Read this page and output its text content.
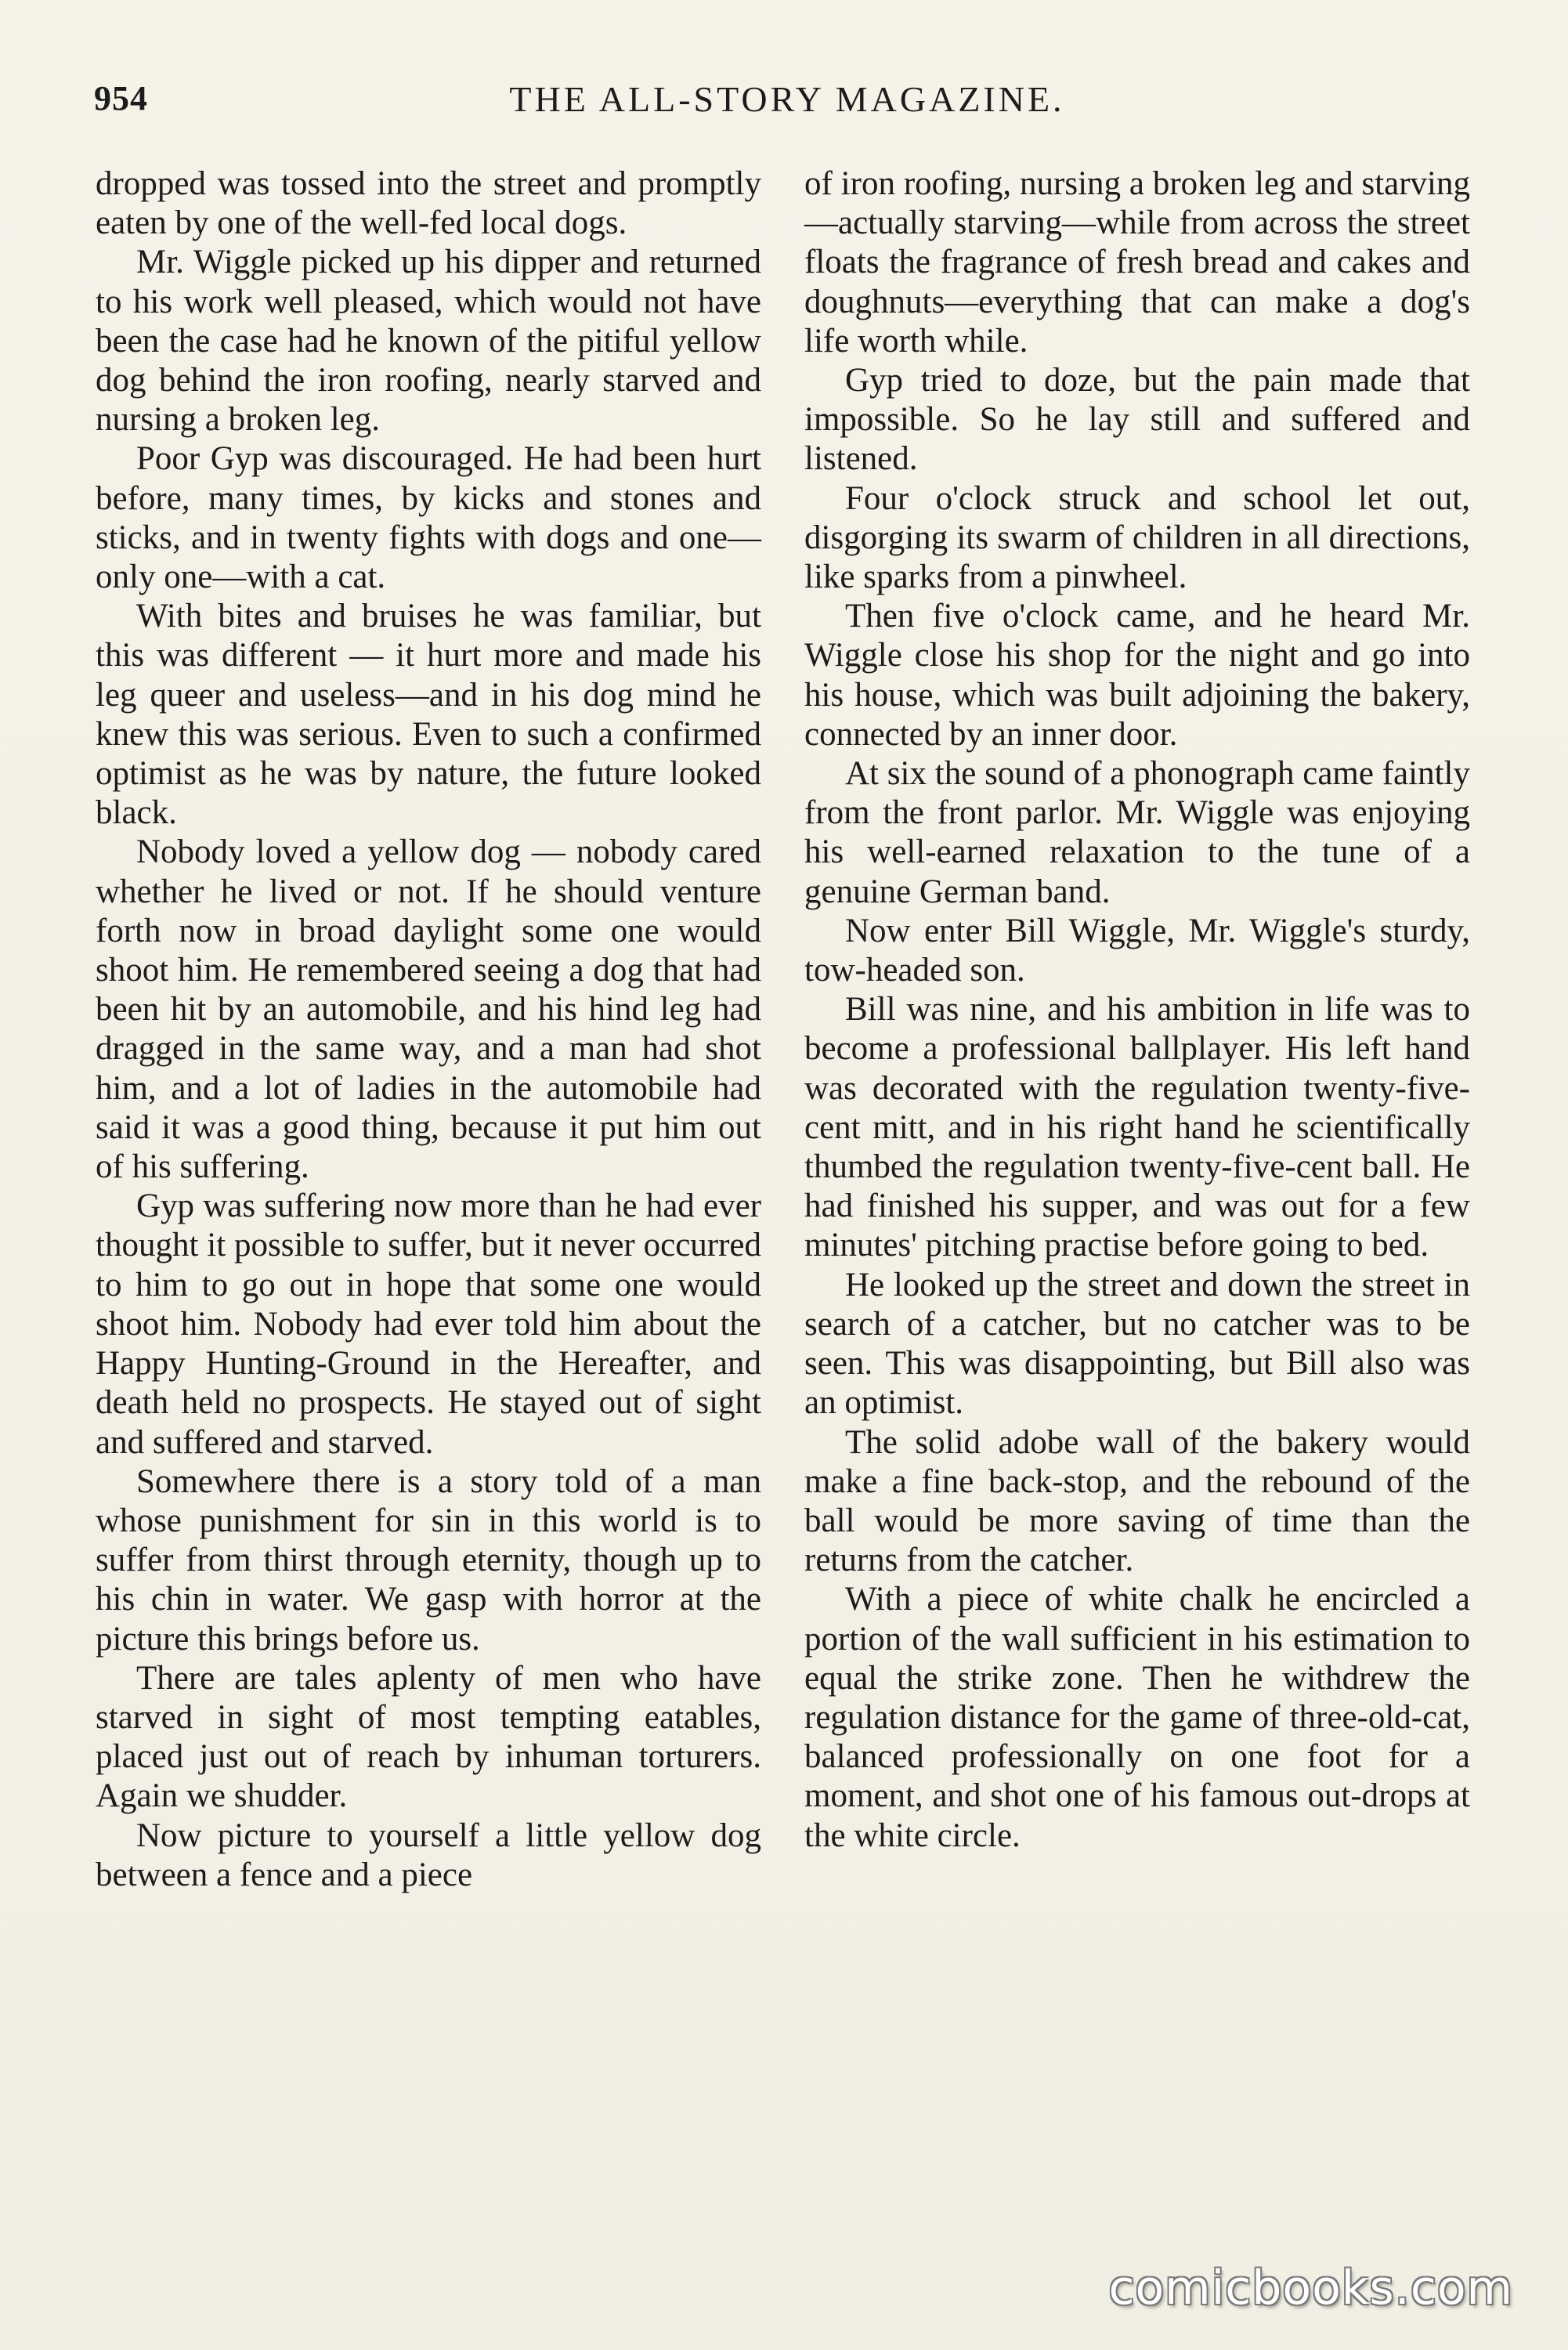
954	THE ALL-STORY MAGAZINE.

dropped was tossed into the street and promptly eaten by one of the well-fed local dogs.

Mr. Wiggle picked up his dipper and returned to his work well pleased, which would not have been the case had he known of the pitiful yellow dog behind the iron roofing, nearly starved and nursing a broken leg.

Poor Gyp was discouraged. He had been hurt before, many times, by kicks and stones and sticks, and in twenty fights with dogs and one—only one—with a cat.

With bites and bruises he was familiar, but this was different — it hurt more and made his leg queer and useless—and in his dog mind he knew this was serious. Even to such a confirmed optimist as he was by nature, the future looked black.

Nobody loved a yellow dog — nobody cared whether he lived or not. If he should venture forth now in broad daylight some one would shoot him. He remembered seeing a dog that had been hit by an automobile, and his hind leg had dragged in the same way, and a man had shot him, and a lot of ladies in the automobile had said it was a good thing, because it put him out of his suffering.

Gyp was suffering now more than he had ever thought it possible to suffer, but it never occurred to him to go out in hope that some one would shoot him. Nobody had ever told him about the Happy Hunting-Ground in the Hereafter, and death held no prospects. He stayed out of sight and suffered and starved.

Somewhere there is a story told of a man whose punishment for sin in this world is to suffer from thirst through eternity, though up to his chin in water. We gasp with horror at the picture this brings before us.

There are tales aplenty of men who have starved in sight of most tempting eatables, placed just out of reach by inhuman torturers. Again we shudder.

Now picture to yourself a little yellow dog between a fence and a piece

of iron roofing, nursing a broken leg and starving—actually starving—while from across the street floats the fragrance of fresh bread and cakes and doughnuts—everything that can make a dog's life worth while.

Gyp tried to doze, but the pain made that impossible. So he lay still and suffered and listened.

Four o'clock struck and school let out, disgorging its swarm of children in all directions, like sparks from a pinwheel.

Then five o'clock came, and he heard Mr. Wiggle close his shop for the night and go into his house, which was built adjoining the bakery, connected by an inner door.

At six the sound of a phonograph came faintly from the front parlor. Mr. Wiggle was enjoying his well-earned relaxation to the tune of a genuine German band.

Now enter Bill Wiggle, Mr. Wiggle's sturdy, tow-headed son.

Bill was nine, and his ambition in life was to become a professional ballplayer. His left hand was decorated with the regulation twenty-five-cent mitt, and in his right hand he scientifically thumbed the regulation twenty-five-cent ball. He had finished his supper, and was out for a few minutes' pitching practise before going to bed.

He looked up the street and down the street in search of a catcher, but no catcher was to be seen. This was disappointing, but Bill also was an optimist.

The solid adobe wall of the bakery would make a fine back-stop, and the rebound of the ball would be more saving of time than the returns from the catcher.

With a piece of white chalk he encircled a portion of the wall sufficient in his estimation to equal the strike zone. Then he withdrew the regulation distance for the game of three-old-cat, balanced professionally on one foot for a moment, and shot one of his famous out-drops at the white circle.

comicbooks.com
